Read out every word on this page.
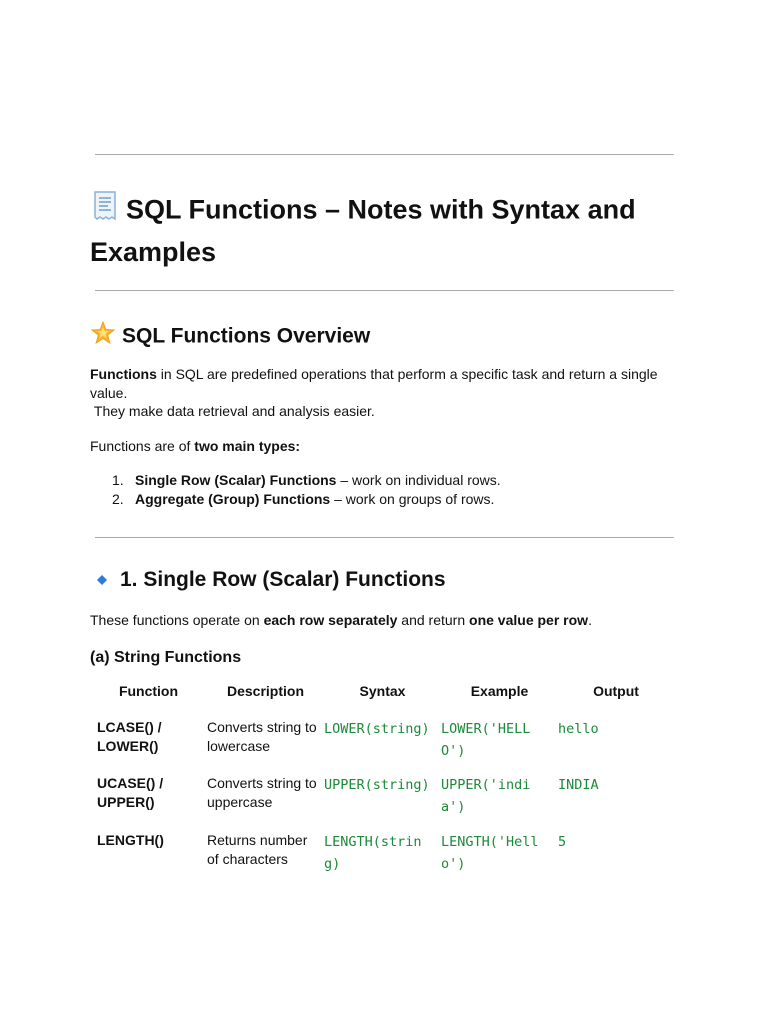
SQL Functions – Notes with Syntax and Examples
SQL Functions Overview
Functions in SQL are predefined operations that perform a specific task and return a single value.
They make data retrieval and analysis easier.
Functions are of two main types:
1. Single Row (Scalar) Functions – work on individual rows.
2. Aggregate (Group) Functions – work on groups of rows.
1. Single Row (Scalar) Functions
These functions operate on each row separately and return one value per row.
(a) String Functions
Function	Description	Syntax	Example	Output
LCASE() / LOWER()	Converts string to lowercase	LOWER(string)	LOWER('HELLO')	hello
UCASE() / UPPER()	Converts string to uppercase	UPPER(string)	UPPER('india')	INDIA
LENGTH()	Returns number of characters	LENGTH(string)	LENGTH('Hello')	5
